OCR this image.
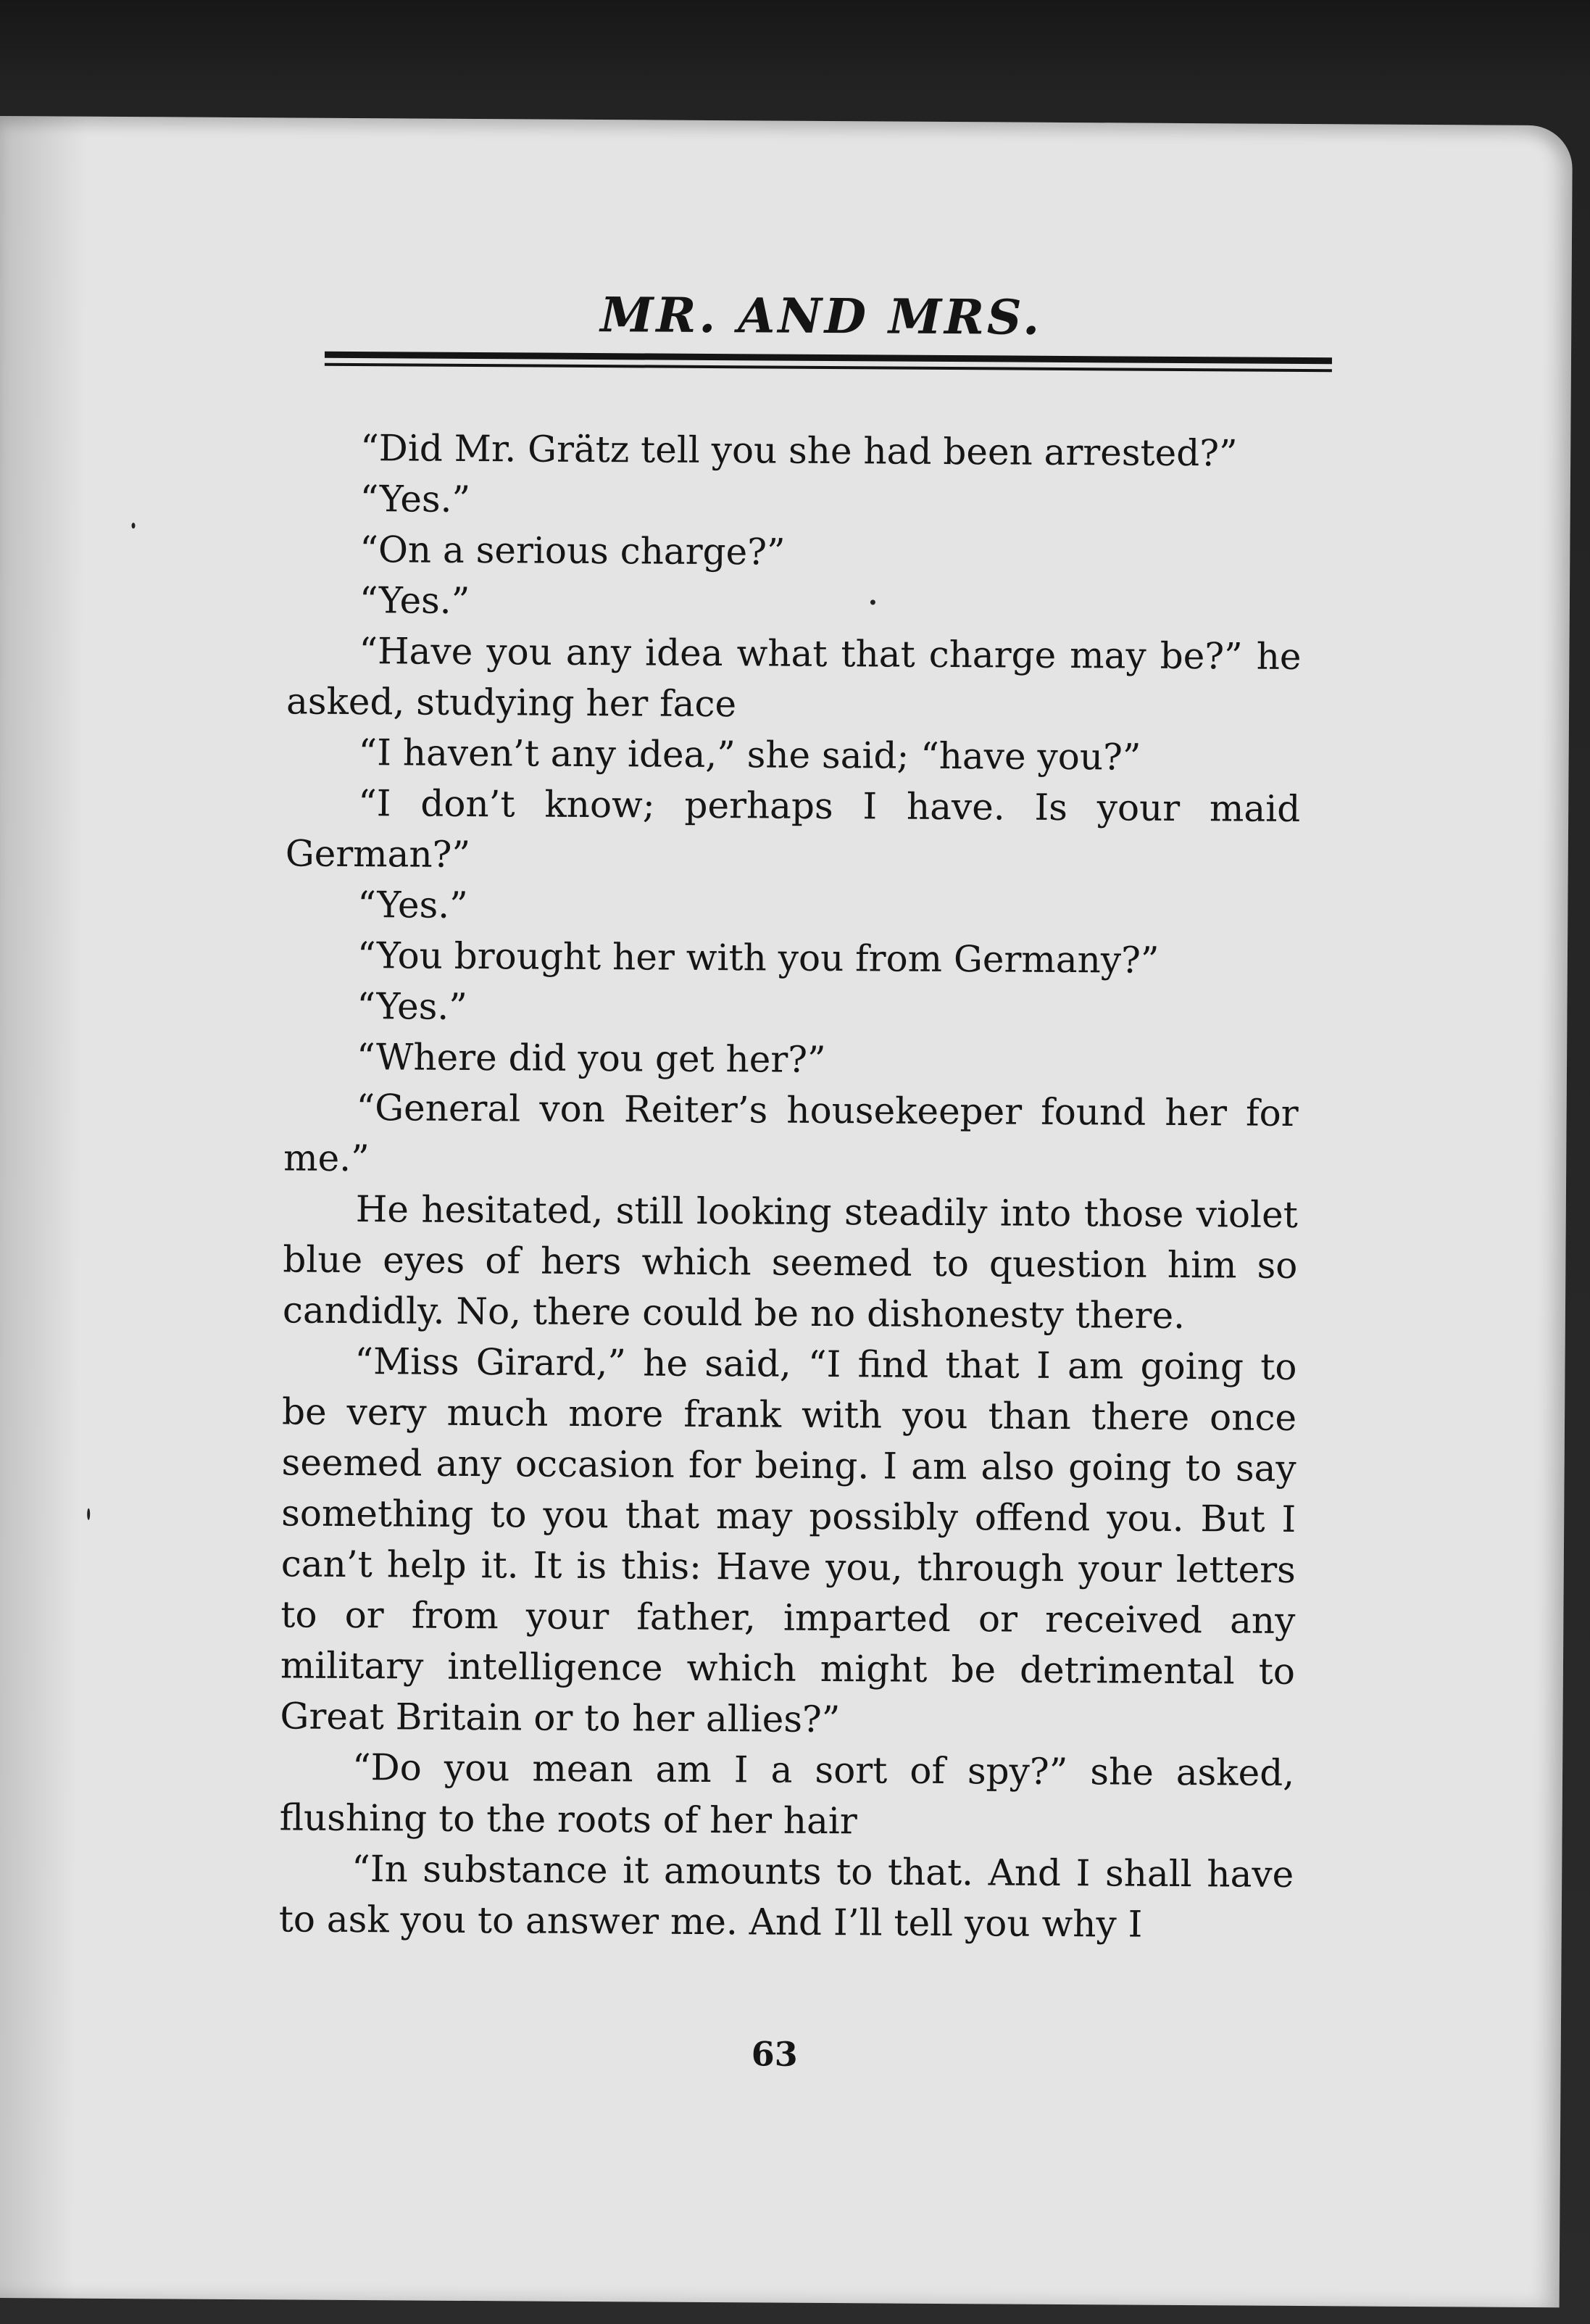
MR. AND MRS.

“Did Mr. Grätz tell you she had been arrested?”

“Yes.”

“On a serious charge?”

“Yes.”

“Have you any idea what that charge may be?” he asked, studying her face

“I haven’t any idea,” she said; “have you?”

“I don’t know; perhaps I have. Is your maid German?”

“Yes.”

“You brought her with you from Germany?”

“Yes.”

“Where did you get her?”

“General von Reiter’s housekeeper found her for me.”

He hesitated, still looking steadily into those violet blue eyes of hers which seemed to question him so candidly. No, there could be no dishonesty there.

“Miss Girard,” he said, “I find that I am going to be very much more frank with you than there once seemed any occasion for being. I am also going to say something to you that may possibly offend you. But I can’t help it. It is this: Have you, through your letters to or from your father, imparted or received any military intelligence which might be detrimental to Great Britain or to her allies?”

“Do you mean am I a sort of spy?” she asked, flushing to the roots of her hair

“In substance it amounts to that. And I shall have to ask you to answer me. And I’ll tell you why I

63
